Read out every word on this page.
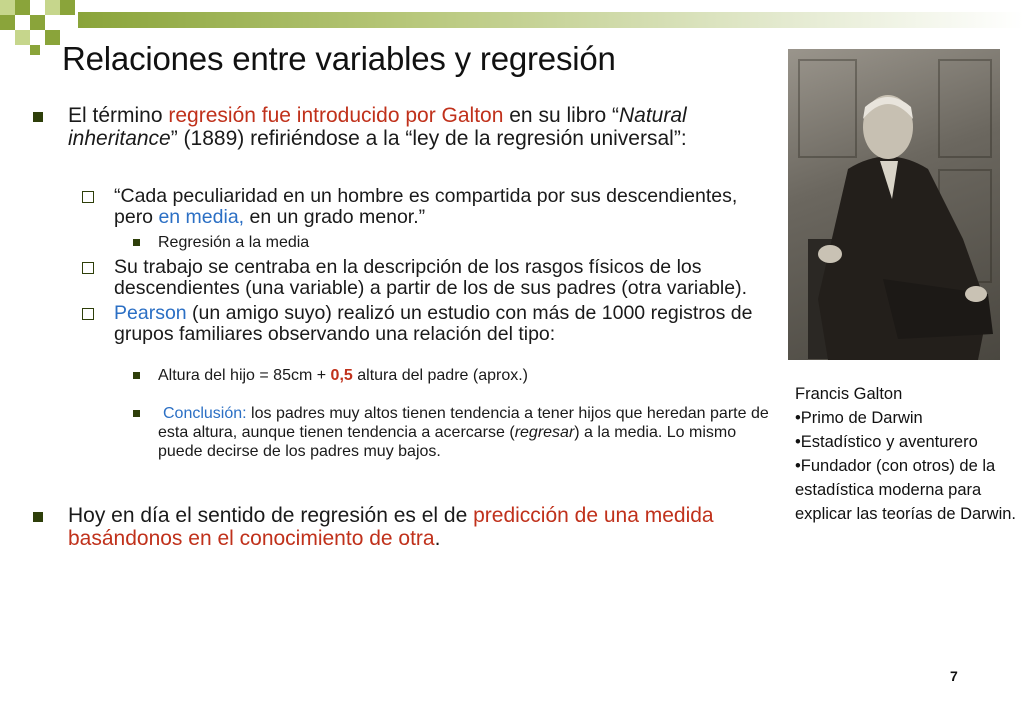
Relaciones entre variables y regresión
El término regresión fue introducido por Galton en su libro “Natural inheritance” (1889) refiriéndose a la “ley de la regresión universal”:
“Cada peculiaridad en un hombre es compartida por sus descendientes, pero en media, en un grado menor.”
Regresión a la media
Su trabajo se centraba en la descripción de los rasgos físicos de los descendientes (una variable) a partir de los de sus padres (otra variable).
Pearson (un amigo suyo) realizó un estudio con más de 1000 registros de grupos familiares observando una relación del tipo:
Altura del hijo = 85cm + 0,5 altura del padre (aprox.)
Conclusión: los padres muy altos tienen tendencia a tener hijos que heredan parte de esta altura, aunque tienen tendencia a acercarse (regresar) a la media. Lo mismo puede decirse de los padres muy bajos.
Hoy en día el sentido de regresión es el de predicción de una medida basándonos en el conocimiento de otra.
Francis Galton
•Primo de Darwin
•Estadístico y aventurero
•Fundador (con otros) de la estadística moderna para explicar las teorías de Darwin.
7
